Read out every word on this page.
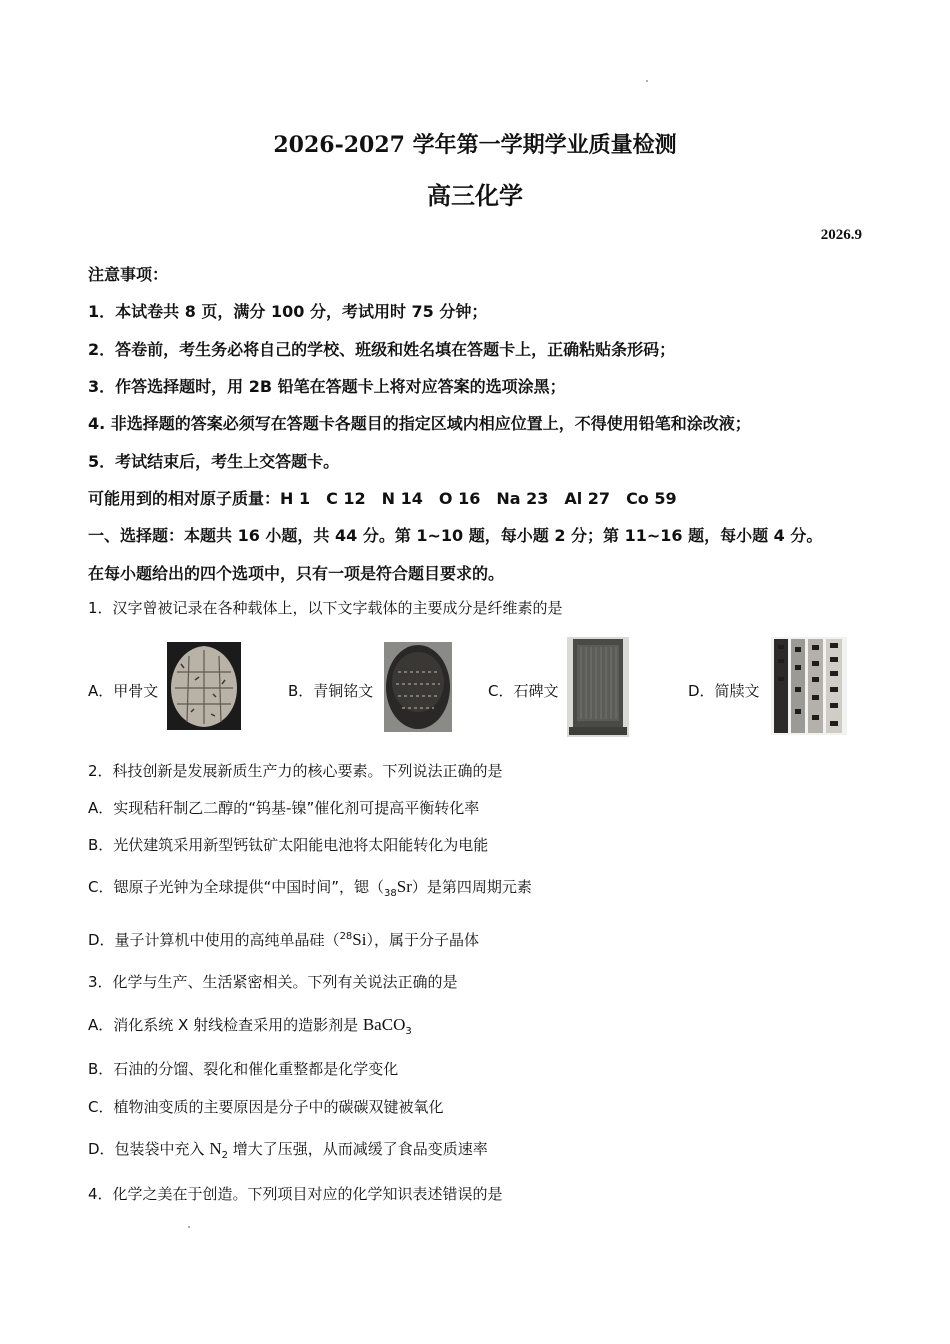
2026-2027 学年第一学期学业质量检测
高三化学
2026.9
注意事项：
1．本试卷共 8 页，满分 100 分，考试用时 75 分钟；
2．答卷前，考生务必将自己的学校、班级和姓名填在答题卡上，正确粘贴条形码；
3．作答选择题时，用 2B 铅笔在答题卡上将对应答案的选项涂黑；
4. 非选择题的答案必须写在答题卡各题目的指定区域内相应位置上，不得使用铅笔和涂改液；
5．考试结束后，考生上交答题卡。
可能用到的相对原子质量：H 1　C 12　N 14　O 16　Na 23　Al 27　Co 59
一、选择题：本题共 16 小题，共 44 分。第 1~10 题，每小题 2 分；第 11~16 题，每小题 4 分。
在每小题给出的四个选项中，只有一项是符合题目要求的。
1．汉字曾被记录在各种载体上，以下文字载体的主要成分是纤维素的是
A．甲骨文	B．青铜铭文	C．石碑文	D．简牍文
2．科技创新是发展新质生产力的核心要素。下列说法正确的是
A．实现秸秆制乙二醇的“钨基-镍”催化剂可提高平衡转化率
B．光伏建筑采用新型钙钛矿太阳能电池将太阳能转化为电能
C．锶原子光钟为全球提供“中国时间”，锶$(_{38}Sr)$是第四周期元素
D．量子计算机中使用的高纯单晶硅（$^{28}$Si），属于分子晶体
3．化学与生产、生活紧密相关。下列有关说法正确的是
A．消化系统 X 射线检查采用的造影剂是 BaCO$_3$
B．石油的分馏、裂化和催化重整都是化学变化
C．植物油变质的主要原因是分子中的碳碳双键被氧化
D．包装袋中充入 $N_2$ 增大了压强，从而减缓了食品变质速率
4．化学之美在于创造。下列项目对应的化学知识表述错误的是
